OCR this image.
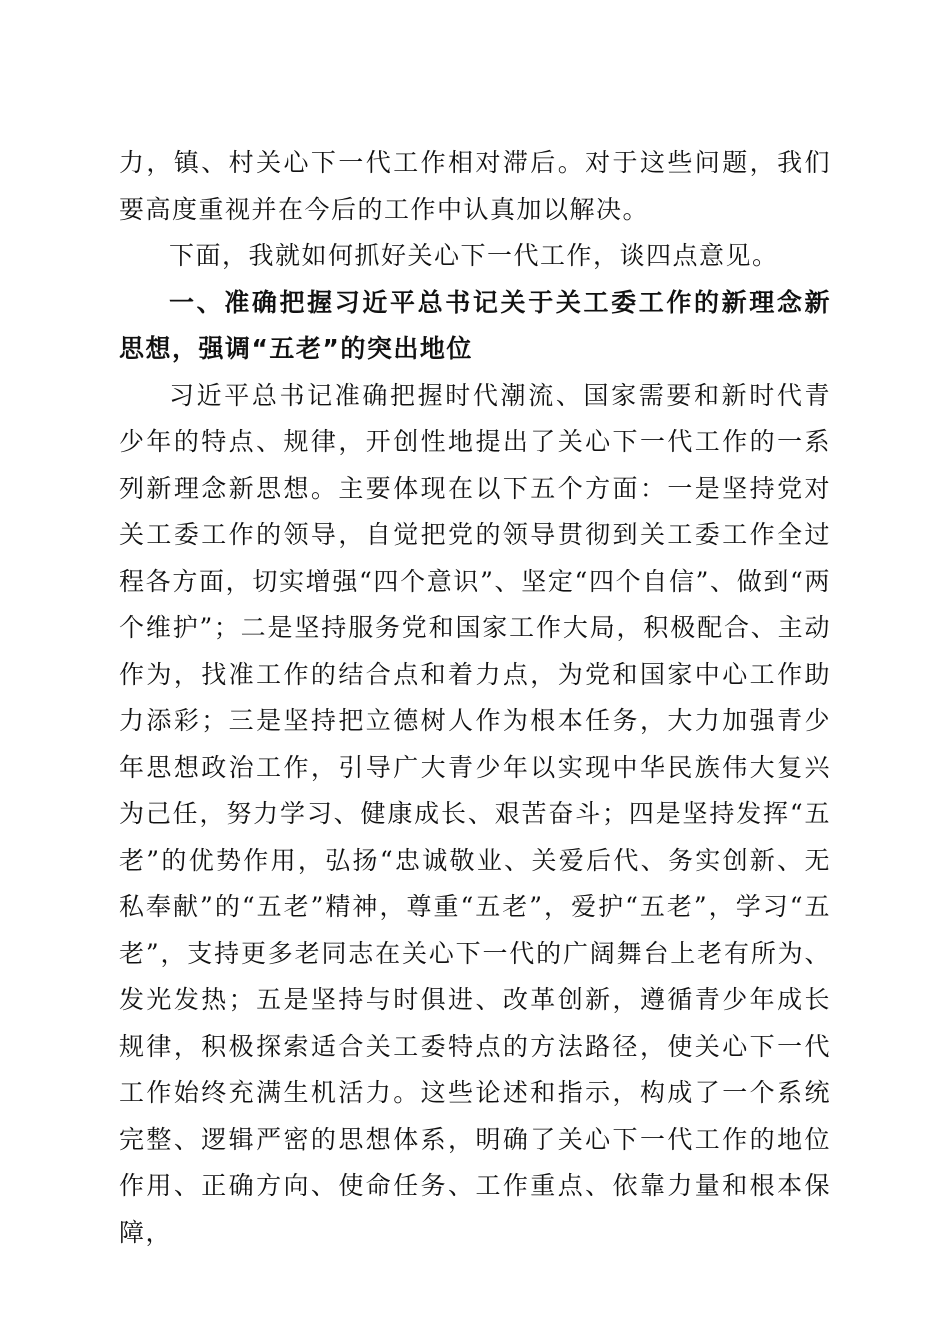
力，镇、村关心下一代工作相对滞后。对于这些问题，我们要高度重视并在今后的工作中认真加以解决。

下面，我就如何抓好关心下一代工作，谈四点意见。

一、准确把握习近平总书记关于关工委工作的新理念新思想，强调“五老”的突出地位

习近平总书记准确把握时代潮流、国家需要和新时代青少年的特点、规律，开创性地提出了关心下一代工作的一系列新理念新思想。主要体现在以下五个方面：一是坚持党对关工委工作的领导，自觉把党的领导贯彻到关工委工作全过程各方面，切实增强“四个意识”、坚定“四个自信”、做到“两个维护”；二是坚持服务党和国家工作大局，积极配合、主动作为，找准工作的结合点和着力点，为党和国家中心工作助力添彩；三是坚持把立德树人作为根本任务，大力加强青少年思想政治工作，引导广大青少年以实现中华民族伟大复兴为己任，努力学习、健康成长、艰苦奋斗；四是坚持发挥“五老”的优势作用，弘扬“忠诚敬业、关爱后代、务实创新、无私奉献”的“五老”精神，尊重“五老”，爱护“五老”，学习“五老”，支持更多老同志在关心下一代的广阔舞台上老有所为、发光发热；五是坚持与时俱进、改革创新，遵循青少年成长规律，积极探索适合关工委特点的方法路径，使关心下一代工作始终充满生机活力。这些论述和指示，构成了一个系统完整、逻辑严密的思想体系，明确了关心下一代工作的地位作用、正确方向、使命任务、工作重点、依靠力量和根本保障，
